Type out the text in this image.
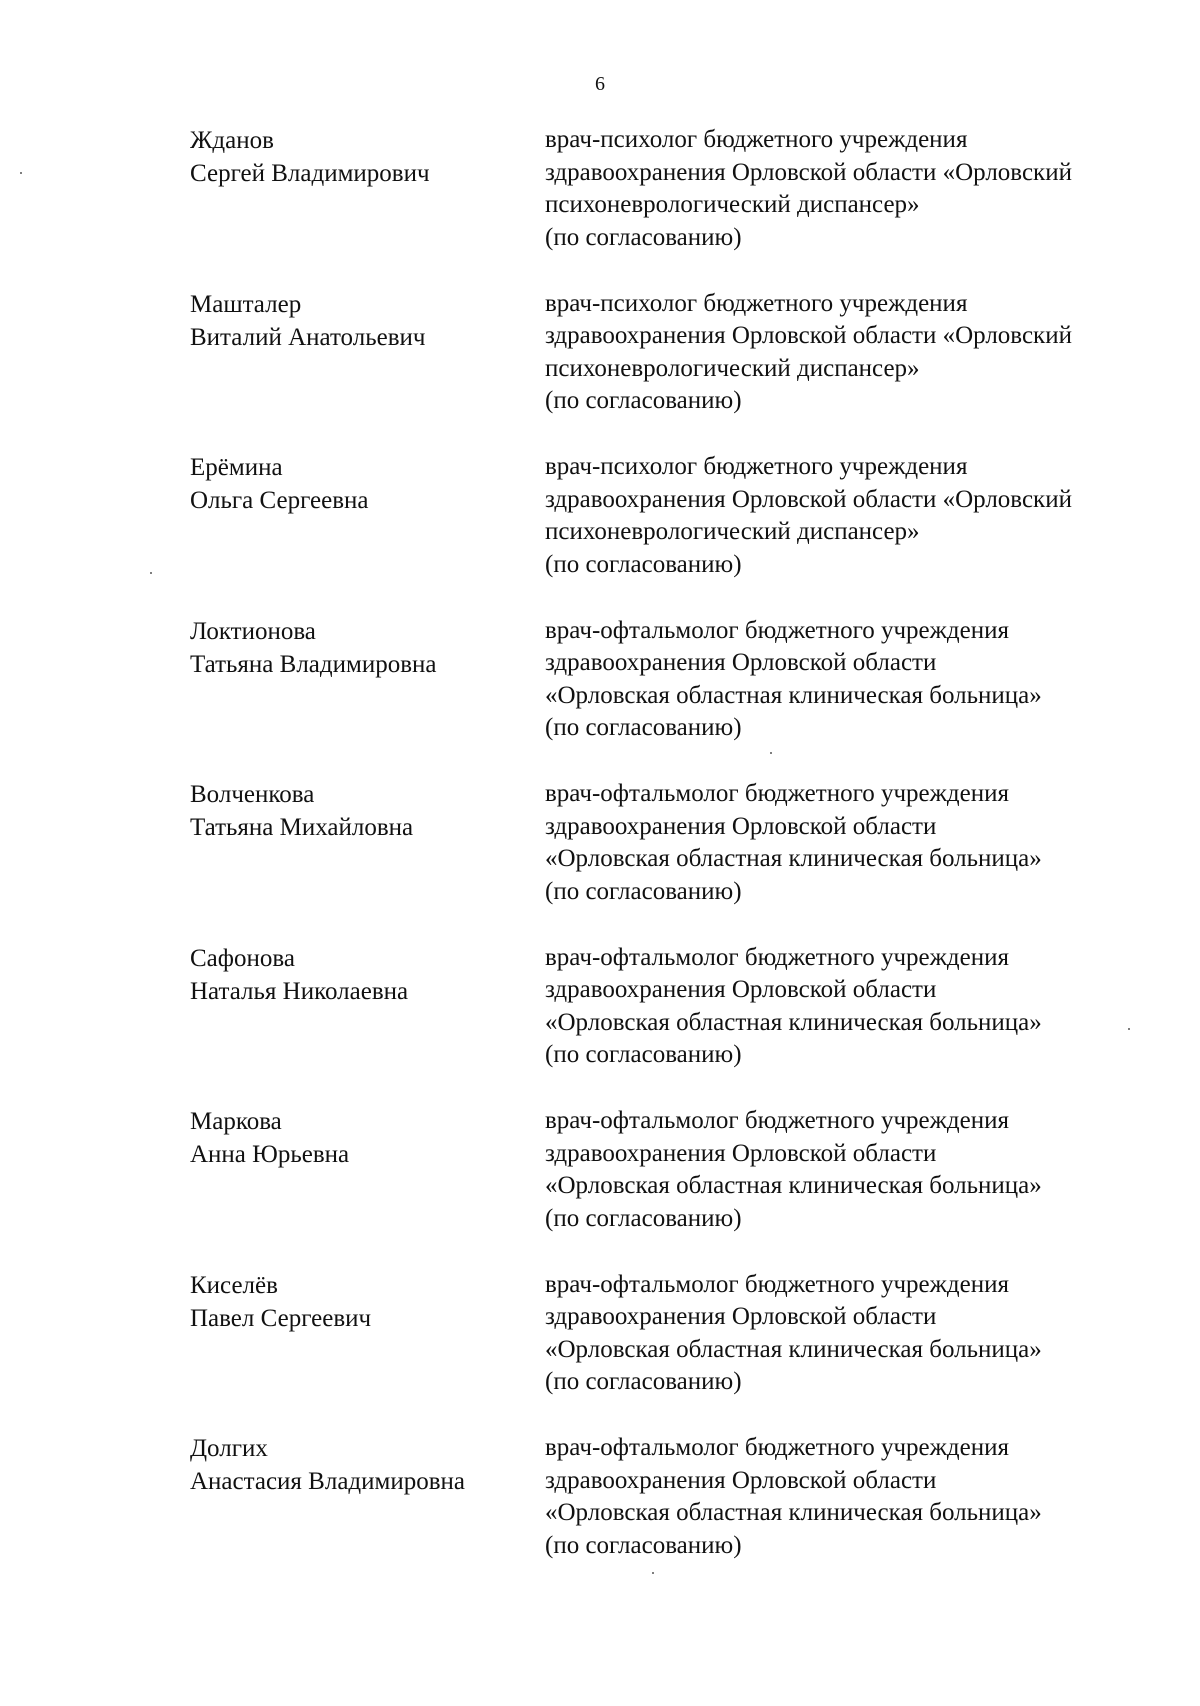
6
Жданов
Сергей Владимирович
врач-психолог бюджетного учреждения
здравоохранения Орловской области «Орловский
психоневрологический диспансер»
(по согласованию)
Машталер
Виталий Анатольевич
врач-психолог бюджетного учреждения
здравоохранения Орловской области «Орловский
психоневрологический диспансер»
(по согласованию)
Ерёмина
Ольга Сергеевна
врач-психолог бюджетного учреждения
здравоохранения Орловской области «Орловский
психоневрологический диспансер»
(по согласованию)
Локтионова
Татьяна Владимировна
врач-офтальмолог бюджетного учреждения
здравоохранения Орловской области
«Орловская областная клиническая больница»
(по согласованию)
Волченкова
Татьяна Михайловна
врач-офтальмолог бюджетного учреждения
здравоохранения Орловской области
«Орловская областная клиническая больница»
(по согласованию)
Сафонова
Наталья Николаевна
врач-офтальмолог бюджетного учреждения
здравоохранения Орловской области
«Орловская областная клиническая больница»
(по согласованию)
Маркова
Анна Юрьевна
врач-офтальмолог бюджетного учреждения
здравоохранения Орловской области
«Орловская областная клиническая больница»
(по согласованию)
Киселёв
Павел Сергеевич
врач-офтальмолог бюджетного учреждения
здравоохранения Орловской области
«Орловская областная клиническая больница»
(по согласованию)
Долгих
Анастасия Владимировна
врач-офтальмолог бюджетного учреждения
здравоохранения Орловской области
«Орловская областная клиническая больница»
(по согласованию)
